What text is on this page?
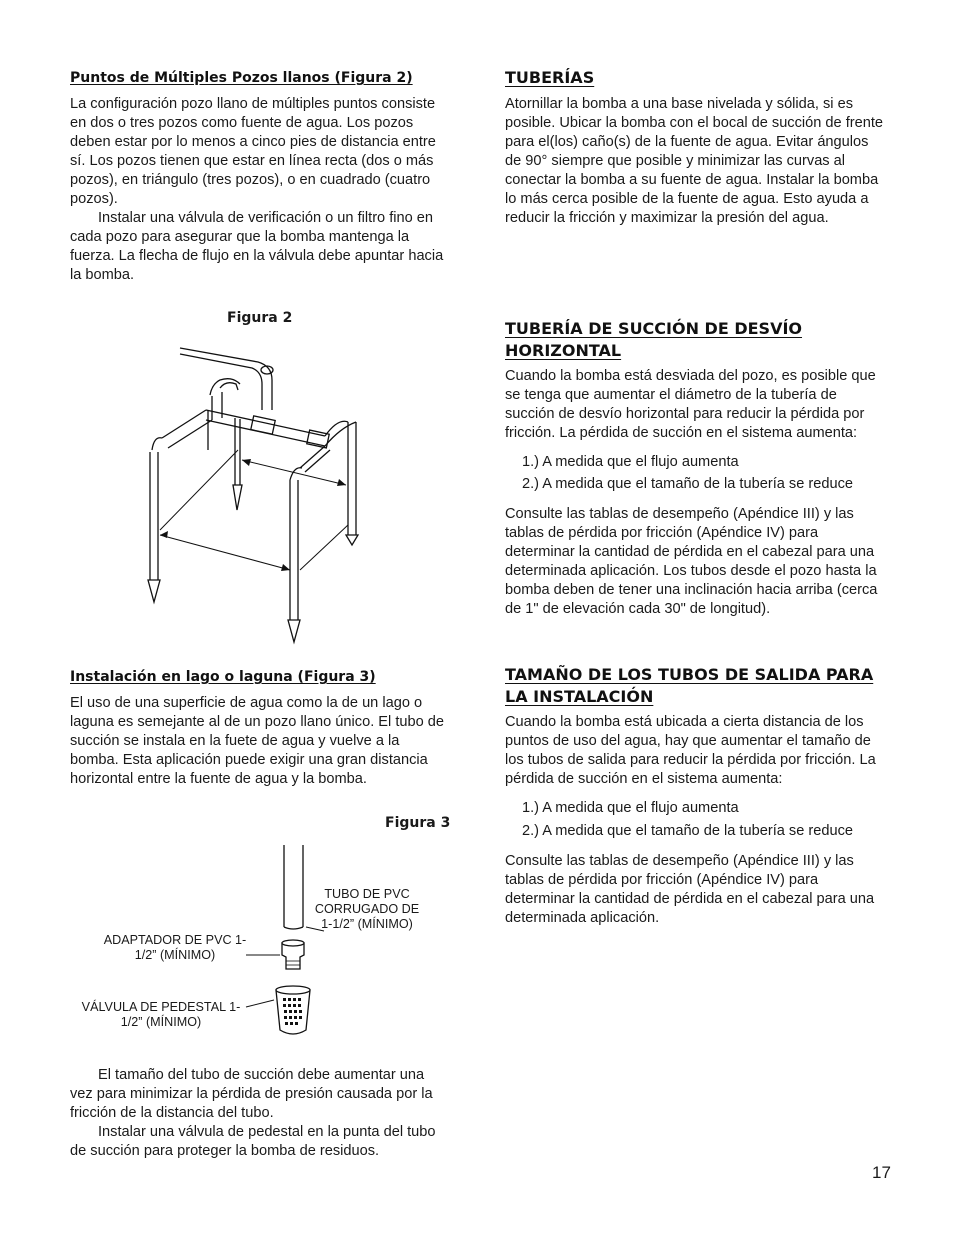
Puntos de Múltiples Pozos llanos (Figura 2)

La configuración pozo llano de múltiples puntos consiste en dos o tres pozos como fuente de agua. Los pozos deben estar por lo menos a cinco pies de distancia entre sí. Los pozos tienen que estar en línea recta (dos o más pozos), en triángulo (tres pozos), o en cuadrado (cuatro pozos).

Instalar una válvula de verificación o un filtro fino en cada pozo para asegurar que la bomba mantenga la fuerza. La flecha de flujo en la válvula debe apuntar hacia la bomba.

Figura 2
Instalación en lago o laguna (Figura 3)

El uso de una superficie de agua como la de un lago o laguna es semejante al de un pozo llano único. El tubo de succión se instala en la fuete de agua y vuelve a la bomba. Esta aplicación puede exigir una gran distancia horizontal entre la fuente de agua y la bomba.

Figura 3
TUBO DE PVC CORRUGADO DE 1-1/2” (MÍNIMO)
ADAPTADOR DE PVC 1-1/2” (MÍNIMO)
VÁLVULA DE PEDESTAL 1-1/2” (MÍNIMO)

El tamaño del tubo de succión debe aumentar una vez para minimizar la pérdida de presión causada por la fricción de la distancia del tubo.

Instalar una válvula de pedestal en la punta del tubo de succión para proteger la bomba de residuos.

TUBERÍAS

Atornillar la bomba a una base nivelada y sólida, si es posible. Ubicar la bomba con el bocal de succión de frente para el(los) caño(s) de la fuente de agua. Evitar ángulos de 90° siempre que posible y minimizar las curvas al conectar la bomba a su fuente de agua. Instalar la bomba lo más cerca posible de la fuente de agua. Esto ayuda a reducir la fricción y maximizar la presión del agua.

TUBERÍA DE SUCCIÓN DE DESVÍO
HORIZONTAL

Cuando la bomba está desviada del pozo, es posible que se tenga que aumentar el diámetro de la tubería de succión de desvío horizontal para reducir la pérdida por fricción. La pérdida de succión en el sistema aumenta:

1.) A medida que el flujo aumenta
2.) A medida que el tamaño de la tubería se reduce

Consulte las tablas de desempeño (Apéndice III) y las tablas de pérdida por fricción (Apéndice IV) para determinar la cantidad de pérdida en el cabezal para una determinada aplicación. Los tubos desde el pozo hasta la bomba deben de tener una inclinación hacia arriba (cerca de 1" de elevación cada 30" de longitud).

TAMAÑO DE LOS TUBOS DE SALIDA PARA
LA INSTALACIÓN

Cuando la bomba está ubicada a cierta distancia de los puntos de uso del agua, hay que aumentar el tamaño de los tubos de salida para reducir la pérdida por fricción. La pérdida de succión en el sistema aumenta:

1.) A medida que el flujo aumenta
2.) A medida que el tamaño de la tubería se reduce

Consulte las tablas de desempeño (Apéndice III) y las tablas de pérdida por fricción (Apéndice IV) para determinar la cantidad de pérdida en el cabezal para una determinada aplicación.

17
